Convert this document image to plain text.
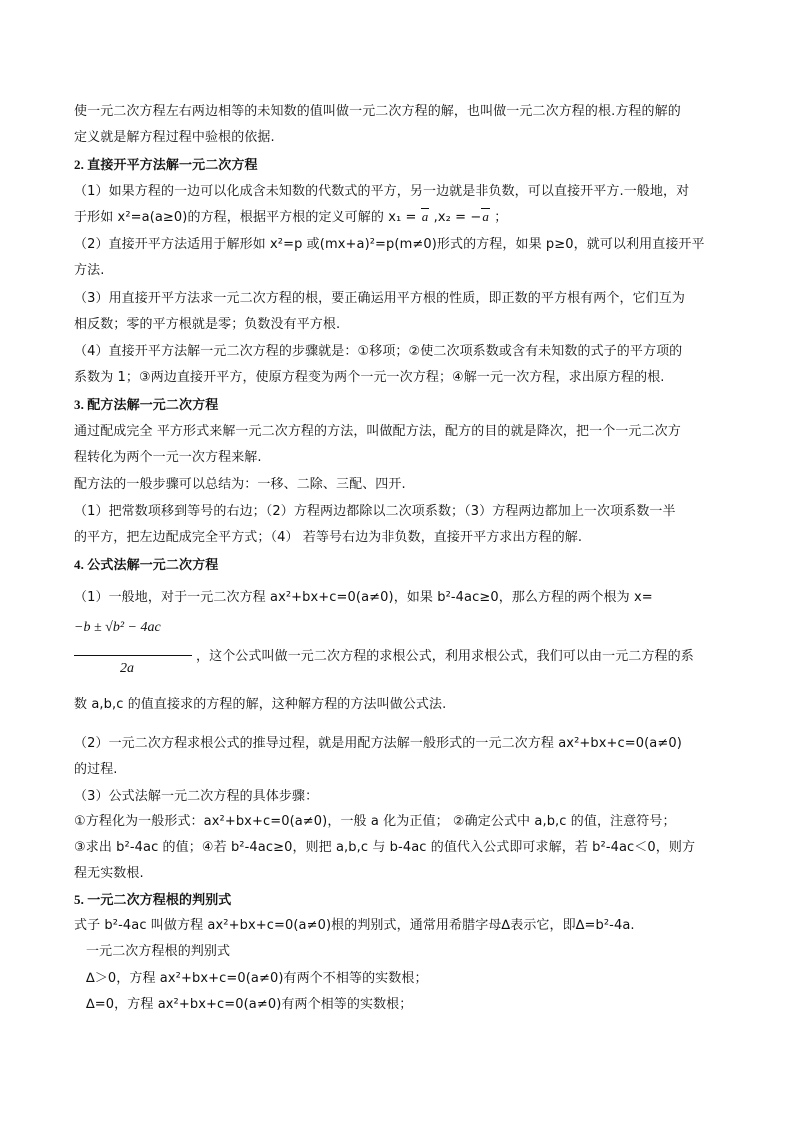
使一元二次方程左右两边相等的未知数的值叫做一元二次方程的解，也叫做一元二次方程的根.方程的解的
定义就是解方程过程中验根的依据.
2. 直接开平方法解一元二次方程
（1）如果方程的一边可以化成含未知数的代数式的平方，另一边就是非负数，可以直接开平方.一般地，对
于形如 x²=a(a≥0)的方程，根据平方根的定义可解的 x₁ = a ,x₂ = −a ；
（2）直接开平方法适用于解形如 x²=p 或(mx+a)²=p(m≠0)形式的方程，如果 p≥0，就可以利用直接开平
方法.
（3）用直接开平方法求一元二次方程的根，要正确运用平方根的性质，即正数的平方根有两个，它们互为
相反数；零的平方根就是零；负数没有平方根.
（4）直接开平方法解一元二次方程的步骤就是：①移项；②使二次项系数或含有未知数的式子的平方项的
系数为 1；③两边直接开平方，使原方程变为两个一元一次方程；④解一元一次方程，求出原方程的根.
3. 配方法解一元二次方程
通过配成完全 平方形式来解一元二次方程的方法，叫做配方法，配方的目的就是降次，把一个一元二次方
程转化为两个一元一次方程来解.
配方法的一般步骤可以总结为：一移、二除、三配、四开.
（1）把常数项移到等号的右边；（2）方程两边都除以二次项系数；（3）方程两边都加上一次项系数一半
的平方，把左边配成完全平方式；（4） 若等号右边为非负数，直接开平方求出方程的解.
4. 公式法解一元二次方程
（1）一般地，对于一元二次方程 ax²+bx+c=0(a≠0)，如果 b²-4ac≥0，那么方程的两个根为 x=
−b ± √b² − 4ac
2a
，这个公式叫做一元二次方程的求根公式，利用求根公式，我们可以由一元二方程的系
数 a,b,c 的值直接求的方程的解，这种解方程的方法叫做公式法.
（2）一元二次方程求根公式的推导过程，就是用配方法解一般形式的一元二次方程 ax²+bx+c=0(a≠0)
的过程.
（3）公式法解一元二次方程的具体步骤：
①方程化为一般形式：ax²+bx+c=0(a≠0)，一般 a 化为正值； ②确定公式中 a,b,c 的值，注意符号；
③求出 b²-4ac 的值；④若 b²-4ac≥0，则把 a,b,c 与 b-4ac 的值代入公式即可求解，若 b²-4ac＜0，则方
程无实数根.
5. 一元二次方程根的判别式
式子 b²-4ac 叫做方程 ax²+bx+c=0(a≠0)根的判别式，通常用希腊字母∆表示它，即∆=b²-4a.
一元二次方程根的判别式
∆＞0，方程 ax²+bx+c=0(a≠0)有两个不相等的实数根；
∆=0，方程 ax²+bx+c=0(a≠0)有两个相等的实数根；
